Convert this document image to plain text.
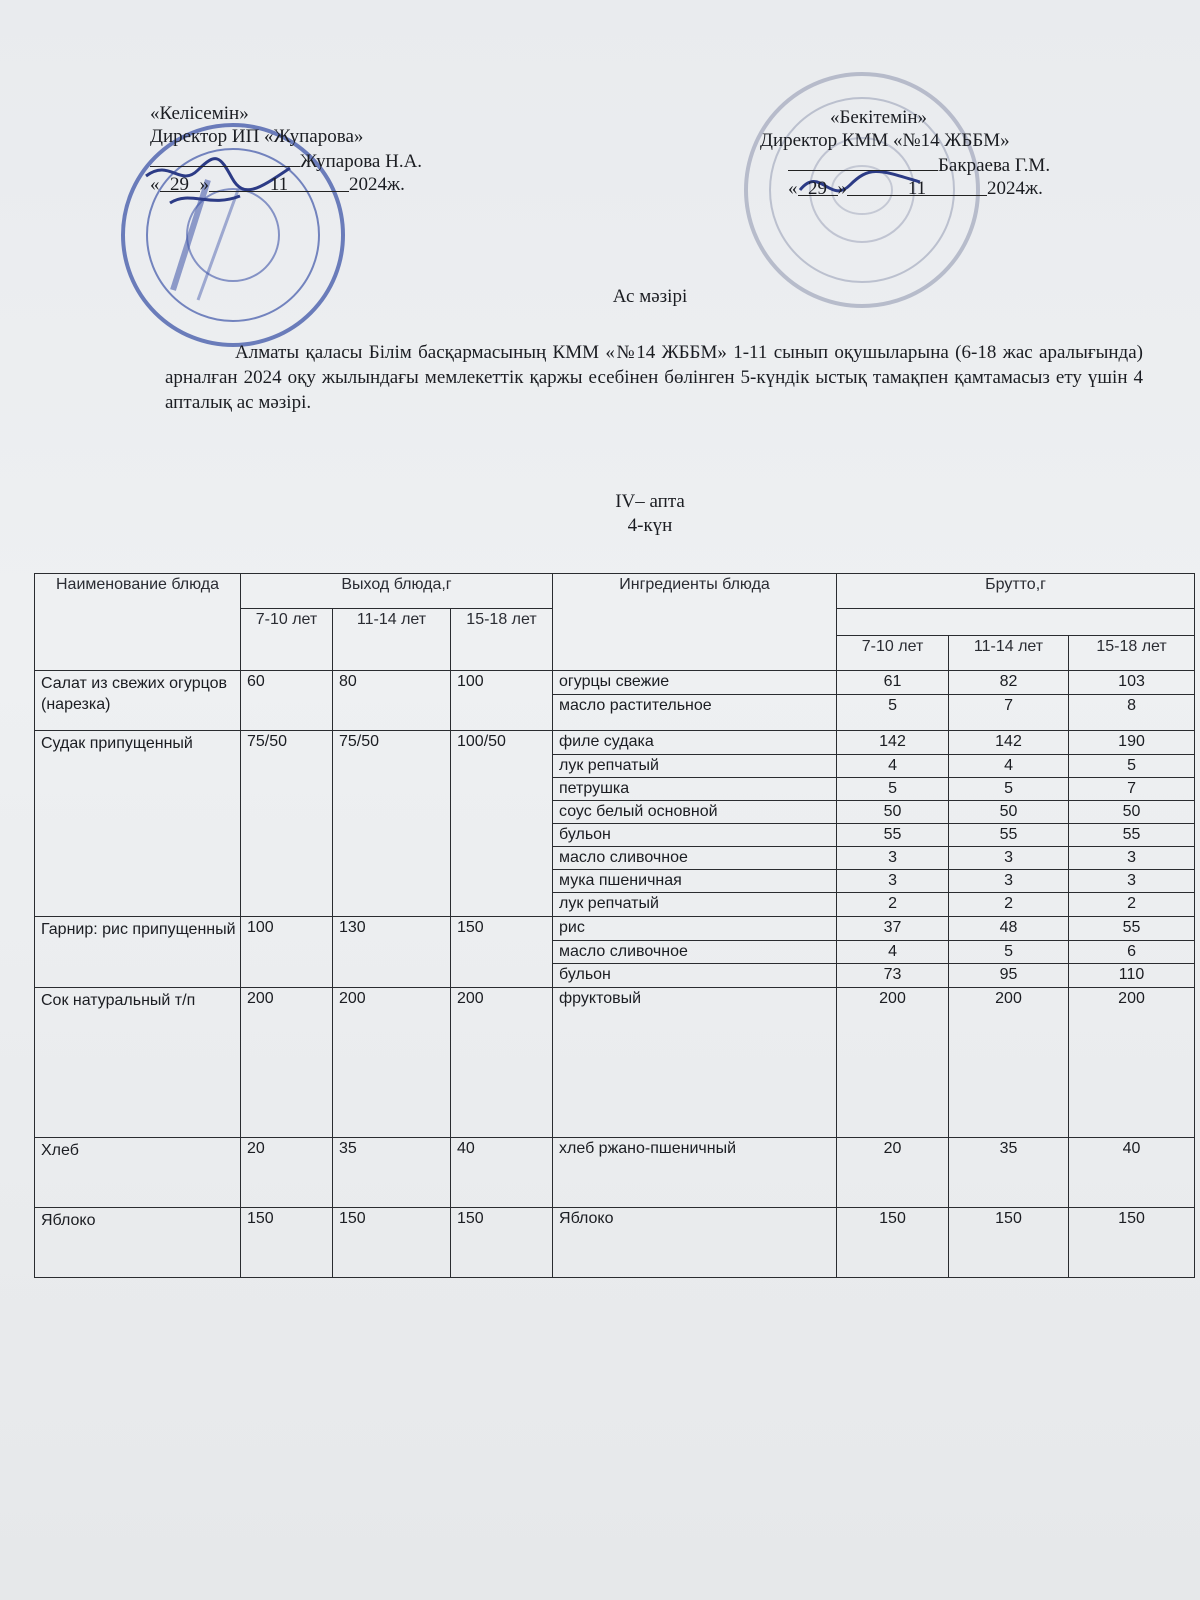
«Келісемін»
Директор ИП «Жупарова»
Жупарова Н.А.
« 29 »	11	2024ж.
«Бекітемін»
Директор КММ «№14 ЖББМ»
Бакраева Г.М.
« 29 »	11	2024ж.
Ас мәзірі
Алматы қаласы Білім басқармасының КММ «№14 ЖББМ» 1-11 сынып оқушыларына (6-18 жас аралығында) арналған 2024 оқу жылындағы мемлекеттік қаржы есебінен бөлінген 5-күндік ыстық тамақпен қамтамасыз ету үшін 4 апталық ас мәзірі.
IV– апта
4-күн
Наименование блюда	Выход блюда,г			Ингредиенты блюда	Брутто,г		
	7-10 лет	11-14 лет	15-18 лет				
					7-10 лет	11-14 лет	15-18 лет
Салат из свежих огурцов (нарезка)	60	80	100	огурцы свежие	61	82	103
				масло растительное	5	7	8
Судак припущенный	75/50	75/50	100/50	филе судака	142	142	190
				лук репчатый	4	4	5
				петрушка	5	5	7
				соус белый основной	50	50	50
				бульон	55	55	55
				масло сливочное	3	3	3
				мука пшеничная	3	3	3
				лук репчатый	2	2	2
Гарнир: рис припущенный	100	130	150	рис	37	48	55
				масло сливочное	4	5	6
				бульон	73	95	110
Сок натуральный т/п	200	200	200	фруктовый	200	200	200
Хлеб	20	35	40	хлеб ржано-пшеничный	20	35	40
Яблоко	150	150	150	Яблоко	150	150	150
